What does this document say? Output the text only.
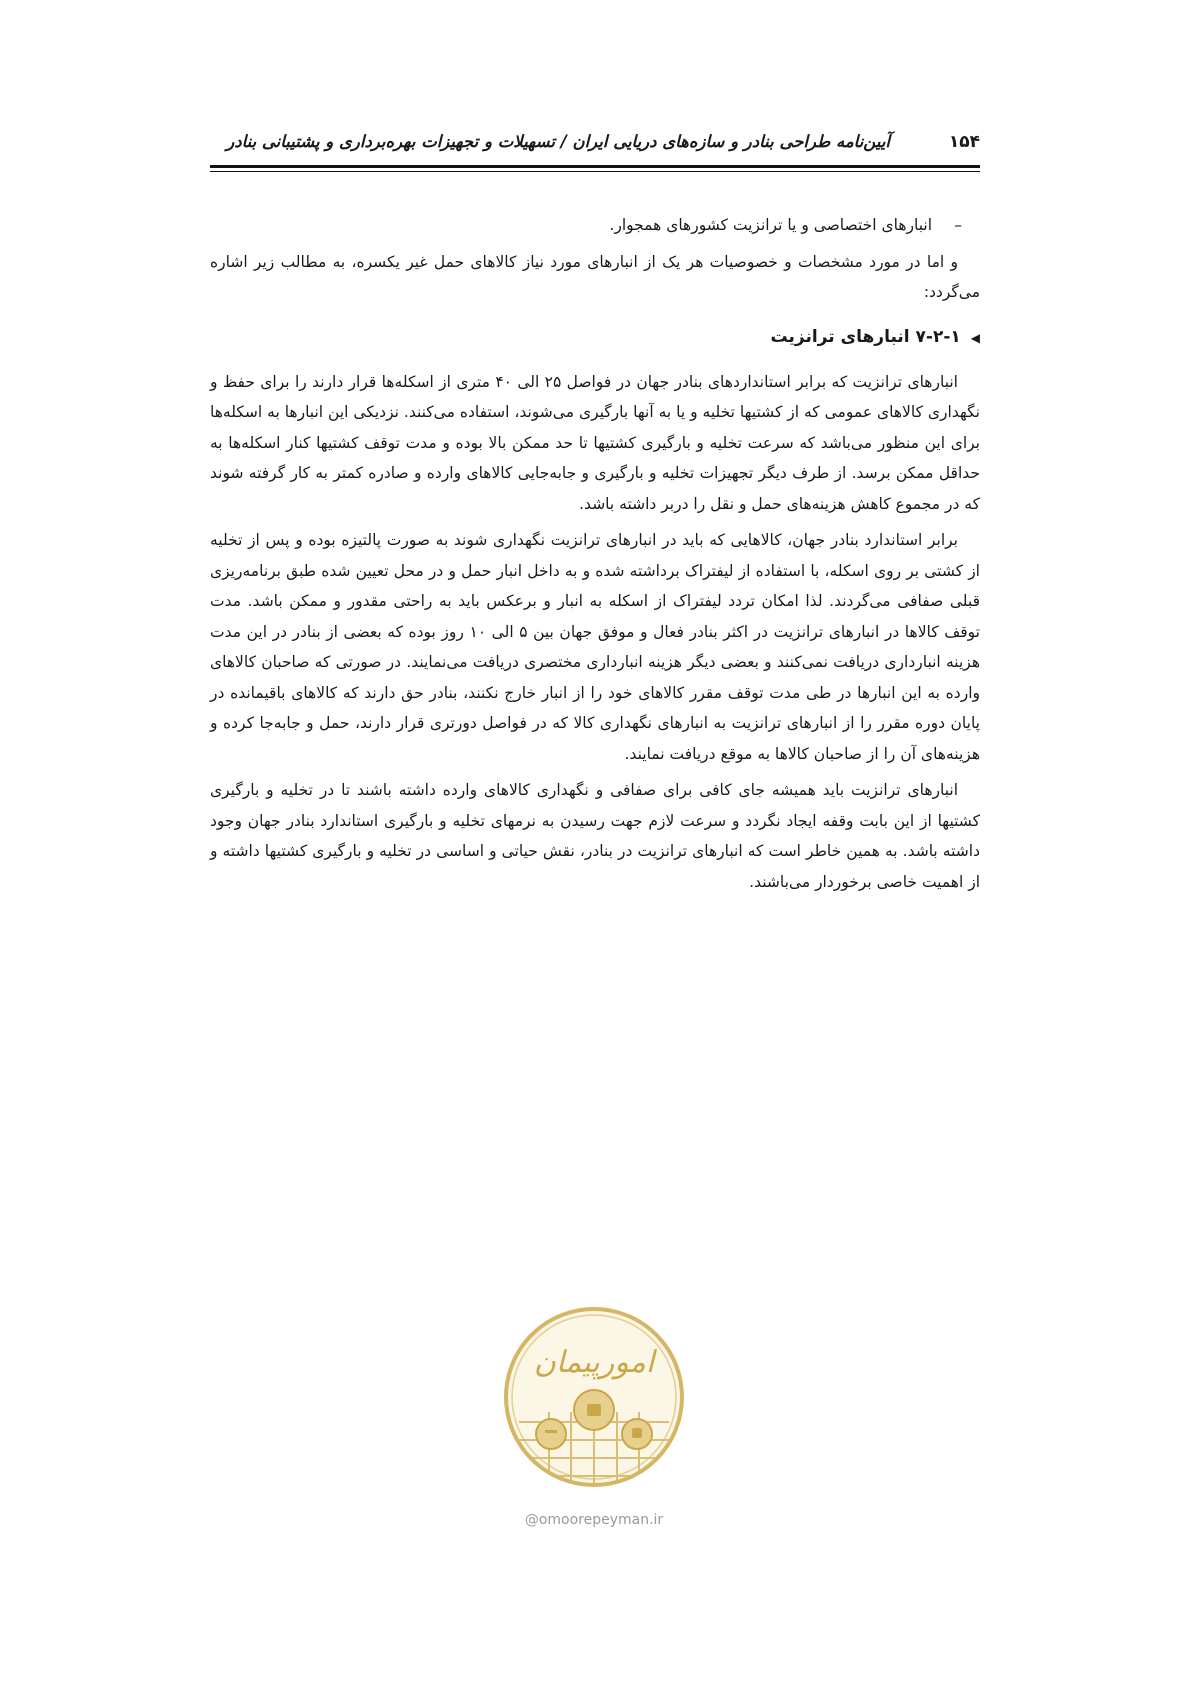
آیین‌نامه طراحی بنادر و سازه‌های دریایی ایران / تسهیلات و تجهیزات بهره‌برداری و پشتیبانی بنادر	۱۵۴

–انبارهای اختصاصی و یا ترانزیت کشورهای همجوار.

و اما در مورد مشخصات و خصوصیات هر یک از انبارهای مورد نیاز کالاهای حمل غیر یکسره، به مطالب زیر اشاره می‌گردد:

◀۷-۲-۱ انبارهای ترانزیت

انبارهای ترانزیت که برابر استانداردهای بنادر جهان در فواصل ۲۵ الی ۴۰ متری از اسکله‌ها قرار دارند را برای حفظ و نگهداری کالاهای عمومی که از کشتیها تخلیه و یا به آنها بارگیری می‌شوند، استفاده می‌کنند. نزدیکی این انبارها به اسکله‌ها برای این منظور می‌باشد که سرعت تخلیه و بارگیری کشتیها تا حد ممکن بالا بوده و مدت توقف کشتیها کنار اسکله‌ها به حداقل ممکن برسد. از طرف دیگر تجهیزات تخلیه و بارگیری و جابه‌جایی کالاهای وارده و صادره کمتر به کار گرفته شوند که در مجموع کاهش هزینه‌های حمل و نقل را دربر داشته باشد.

برابر استاندارد بنادر جهان، کالاهایی که باید در انبارهای ترانزیت نگهداری شوند به صورت پالتیزه بوده و پس از تخلیه از کشتی بر روی اسکله، با استفاده از لیفتراک برداشته شده و به داخل انبار حمل و در محل تعیین شده طبق برنامه‌ریزی قبلی صفافی می‌گردند. لذا امکان تردد لیفتراک از اسکله به انبار و برعکس باید به راحتی مقدور و ممکن باشد. مدت توقف کالاها در انبارهای ترانزیت در اکثر بنادر فعال و موفق جهان بین ۵ الی ۱۰ روز بوده که بعضی از بنادر در این مدت هزینه انبارداری دریافت نمی‌کنند و بعضی دیگر هزینه انبارداری مختصری دریافت می‌نمایند. در صورتی که صاحبان کالاهای وارده به این انبارها در طی مدت توقف مقرر کالاهای خود را از انبار خارج نکنند، بنادر حق دارند که کالاهای باقیمانده در پایان دوره مقرر را از انبارهای ترانزیت به انبارهای نگهداری کالا که در فواصل دورتری قرار دارند، حمل و جابه‌جا کرده و هزینه‌های آن را از صاحبان کالاها به موقع دریافت نمایند.

انبارهای ترانزیت باید همیشه جای کافی برای صفافی و نگهداری کالاهای وارده داشته باشند تا در تخلیه و بارگیری کشتیها از این بابت وقفه ایجاد نگردد و سرعت لازم جهت رسیدن به نرمهای تخلیه و بارگیری استاندارد بنادر جهان وجود داشته باشد. به همین خاطر است که انبارهای ترانزیت در بنادر، نقش حیاتی و اساسی در تخلیه و بارگیری کشتیها داشته و از اهمیت خاصی برخوردار می‌باشند.

امورپیمان
@omoorepeyman.ir
